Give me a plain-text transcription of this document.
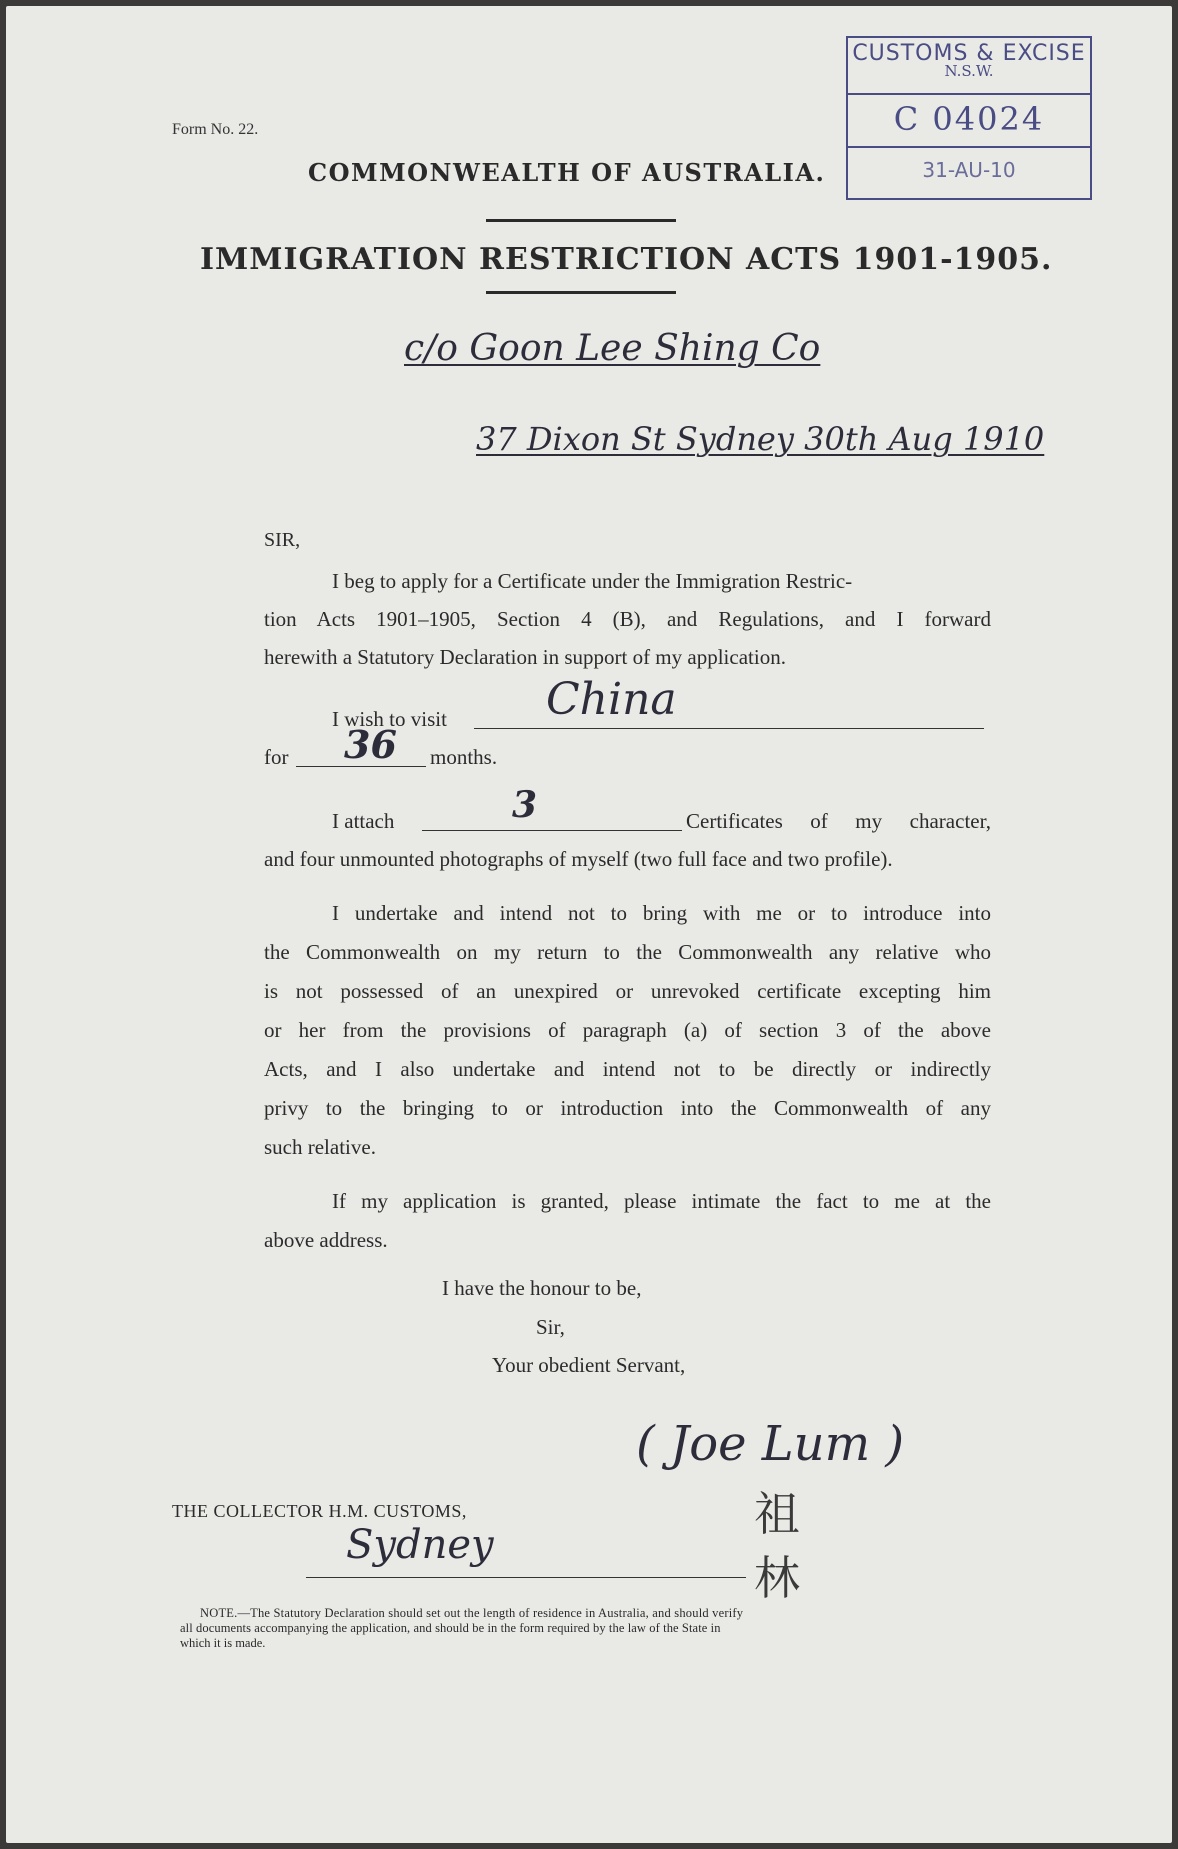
Form No. 22.
CUSTOMS & EXCISE
N.S.W.
C 04024
31-AU-10
COMMONWEALTH OF AUSTRALIA.
IMMIGRATION RESTRICTION ACTS 1901-1905.
c/o Goon Lee Shing Co
37 Dixon St Sydney 30th Aug 1910
SIR,
I beg to apply for a Certificate under the Immigration Restric-
tion Acts 1901–1905, Section 4 (B), and Regulations, and I forward
herewith a Statutory Declaration in support of my application.
I wish to visit China
for 36 months.
I attach	3	Certificates of my character,
and four unmounted photographs of myself (two full face and two profile).
I undertake and intend not to bring with me or to introduce into
the Commonwealth on my return to the Commonwealth any relative who
is not possessed of an unexpired or unrevoked certificate excepting him
or her from the provisions of paragraph (a) of section 3 of the above
Acts, and I also undertake and intend not to be directly or indirectly
privy to the bringing to or introduction into the Commonwealth of any
such relative.
If my application is granted, please intimate the fact to me at the
above address.
I have the honour to be,
Sir,
Your obedient Servant,
( Joe Lum )
THE COLLECTOR H.M. CUSTOMS,
Sydney
祖 林
NOTE.—The Statutory Declaration should set out the length of residence in Australia, and should verify
all documents accompanying the application, and should be in the form required by the law of the State in
which it is made.
